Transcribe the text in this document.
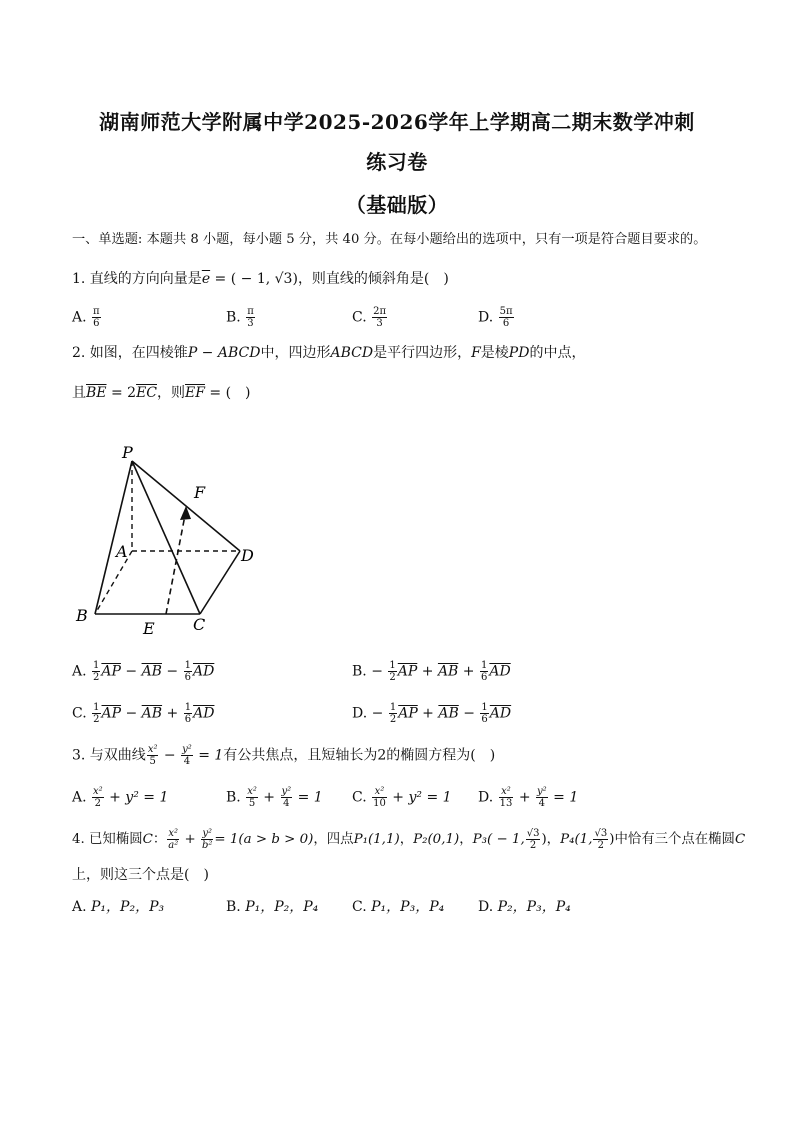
湖南师范大学附属中学2025-2026学年上学期高二期末数学冲刺
练习卷
（基础版）
一、单选题: 本题共 8 小题，每小题 5 分，共 40 分。在每小题给出的选项中，只有一项是符合题目要求的。
1. 直线的方向向量是$\overline{e}$ = ( − 1, √3)，则直线的倾斜角是(　)
A. $\frac{\pi}{6}$	B. $\frac{\pi}{3}$	C. $\frac{2\pi}{3}$	D. $\frac{5\pi}{6}$
2. 如图，在四棱锥P − ABCD中，四边形ABCD是平行四边形，F是棱PD的中点，
且$\overline{BE} = 2\overline{EC}$，则$\overline{EF}$ = (　)
P
A
B	C
D
E
F
A. $\frac{1}{2} \overline{AP} - \overline{AB} - \frac{1}{6} \overline{AD}$	B. − $\frac{1}{2} \overline{AP} + \overline{AB} + \frac{1}{6} \overline{AD}$
C. $\frac{1}{2} \overline{AP} - \overline{AB} + \frac{1}{6} \overline{AD}$	D. − $\frac{1}{2} \overline{AP} + \overline{AB} - \frac{1}{6} \overline{AD}$
3. 与双曲线 $\frac{\text{x²}}{5} - \frac{\text{y²}}{4} = 1$有公共焦点，且短轴长为2的椭圆方程为(　)
A. $\frac{\text{x²}}{2} + y^2 = 1$	B. $\frac{\text{x²}}{5} + \frac{\text{y²}}{4} = 1$ C. $\frac{\text{x²}}{10} + y^2 = 1$ D. $\frac{\text{x²}}{13} + \frac{\text{y²}}{4} = 1$
4. 已知椭圆C： $\frac{\text{x²}}{\text{a²}} + \frac{\text{y²}}{\text{b²}} = 1(a > b > 0)$，四点P₁(1,1)，P₂(0,1)，P₃( − 1, $\frac{√3}{2}$ )，P₄(1, $\frac{√3}{2}$ )中恰有三个点在椭圆C
上，则这三个点是(　)
A. P₁，P₂，P₃	B. P₁，P₂，P₄ C. P₁，P₃，P₄ D. P₂，P₃，P₄
